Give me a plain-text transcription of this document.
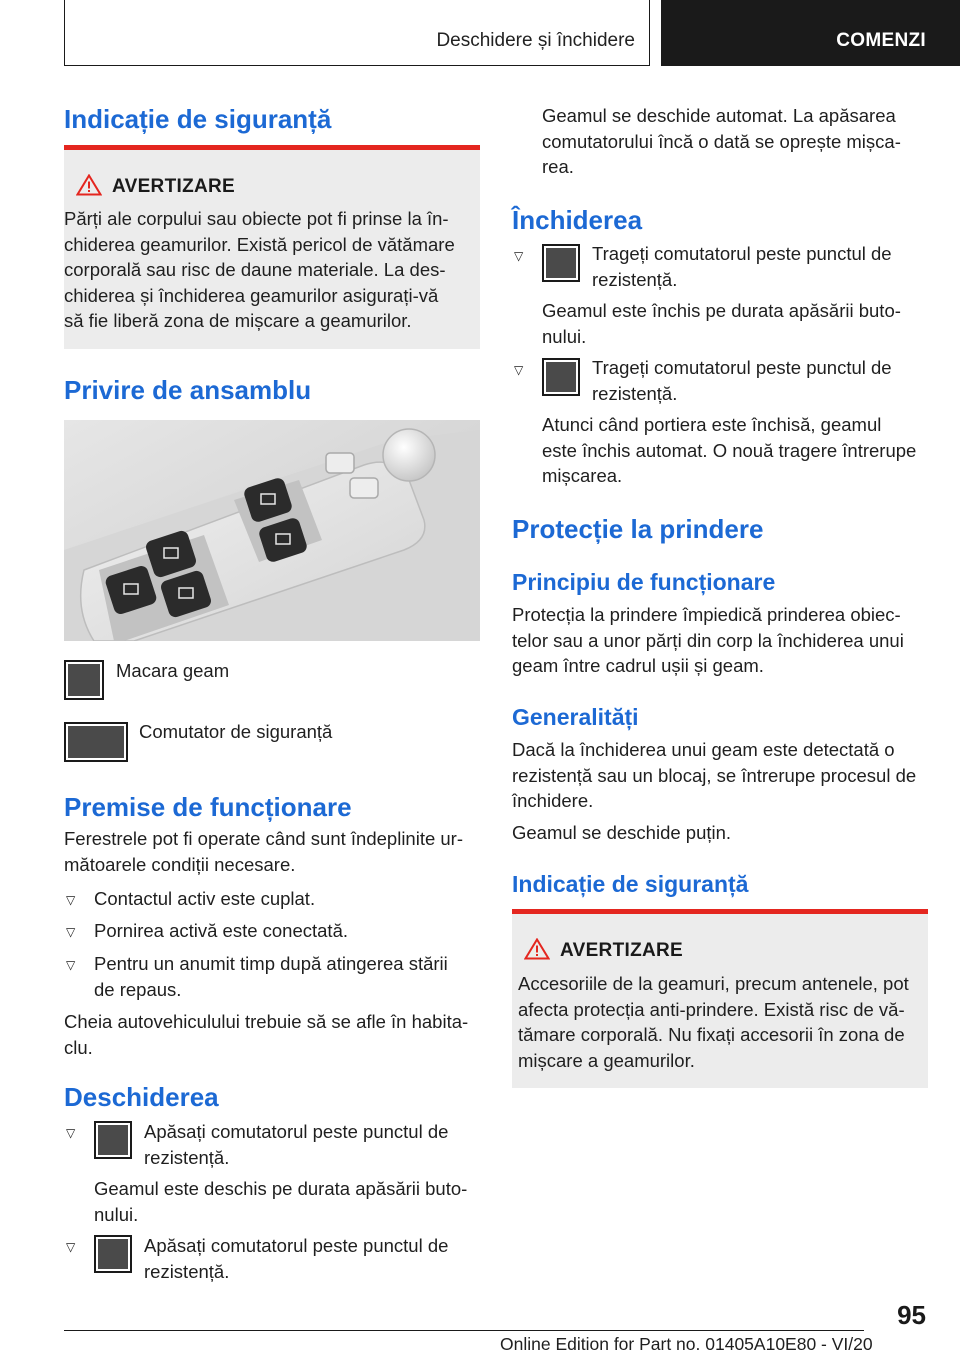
Deschidere și închidere	COMENZI
Indicație de siguranță
AVERTIZARE
Părți ale corpului sau obiecte pot fi prinse la în-
chiderea geamurilor. Există pericol de vătămare
corporală sau risc de daune materiale. La des-
chiderea și închiderea geamurilor asigurați-vă
să fie liberă zona de mișcare a geamurilor.
Privire de ansamblu
Macara geam
Comutator de siguranță
Premise de funcționare
Ferestrele pot fi operate când sunt îndeplinite ur-
mătoarele condiții necesare.
▽ Contactul activ este cuplat.
▽ Pornirea activă este conectată.
▽ Pentru un anumit timp după atingerea stării
de repaus.
Cheia autovehiculului trebuie să se afle în habita-
clu.
Deschiderea
▽	Apăsați comutatorul peste punctul de
rezistență.
Geamul este deschis pe durata apăsării buto-
nului.
▽	Apăsați comutatorul peste punctul de
rezistență.
Geamul se deschide automat. La apăsarea
comutatorului încă o dată se oprește mișca-
rea.
Închiderea
▽	Trageți comutatorul peste punctul de
rezistență.
Geamul este închis pe durata apăsării buto-
nului.
▽	Trageți comutatorul peste punctul de
rezistență.
Atunci când portiera este închisă, geamul
este închis automat. O nouă tragere întrerupe
mișcarea.
Protecție la prindere
Principiu de funcționare
Protecția la prindere împiedică prinderea obiec-
telor sau a unor părți din corp la închiderea unui
geam între cadrul ușii și geam.
Generalități
Dacă la închiderea unui geam este detectată o
rezistență sau un blocaj, se întrerupe procesul de
închidere.
Geamul se deschide puțin.
Indicație de siguranță
AVERTIZARE
Accesoriile de la geamuri, precum antenele, pot
afecta protecția anti-prindere. Există risc de vă-
tămare corporală. Nu fixați accesorii în zona de
mișcare a geamurilor.
95
Online Edition for Part no. 01405A10E80 - VI/20
